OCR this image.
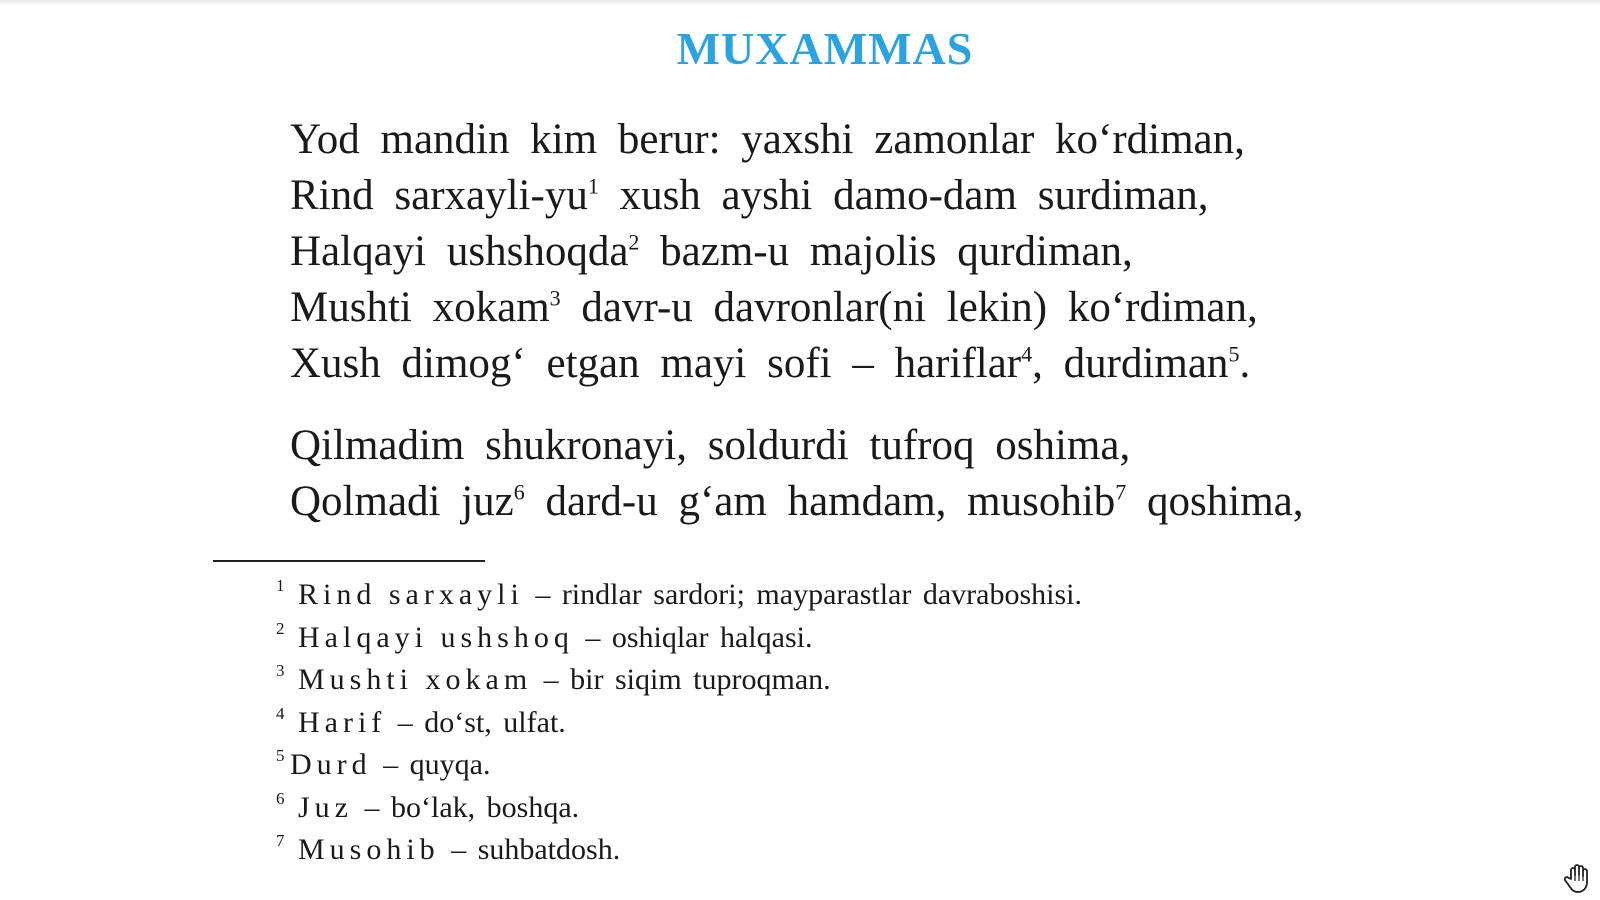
MUXAMMAS

Yod mandin kim berur: yaxshi zamonlar ko‘rdiman,
Rind sarxayli-$yu^1$ xush ayshi damo-dam surdiman,
Halqayi ushshoqda$^2$ bazm-u majolis qurdiman,
Mushti xokam$^3$ davr-u davronlar(ni lekin) ko‘rdiman,
Xush dimog‘ etgan mayi sofi – hariflar$^4$, durdiman$^5$.

Qilmadim shukronayi, soldurdi tufroq oshima,
Qolmadi juz$^6$ dard-u g‘am hamdam, musohib$^7$ qoshima,

1 Rind sarxayli – rindlar sardori; mayparastlar davraboshisi.
2 Halqayi ushshoq – oshiqlar halqasi.
3 Mushti xokam – bir siqim tuproqman.
4 Harif – do‘st, ulfat.
5 Durd – quyqa.
6 Juz – bo‘lak, boshqa.
7 Musohib – suhbatdosh.
